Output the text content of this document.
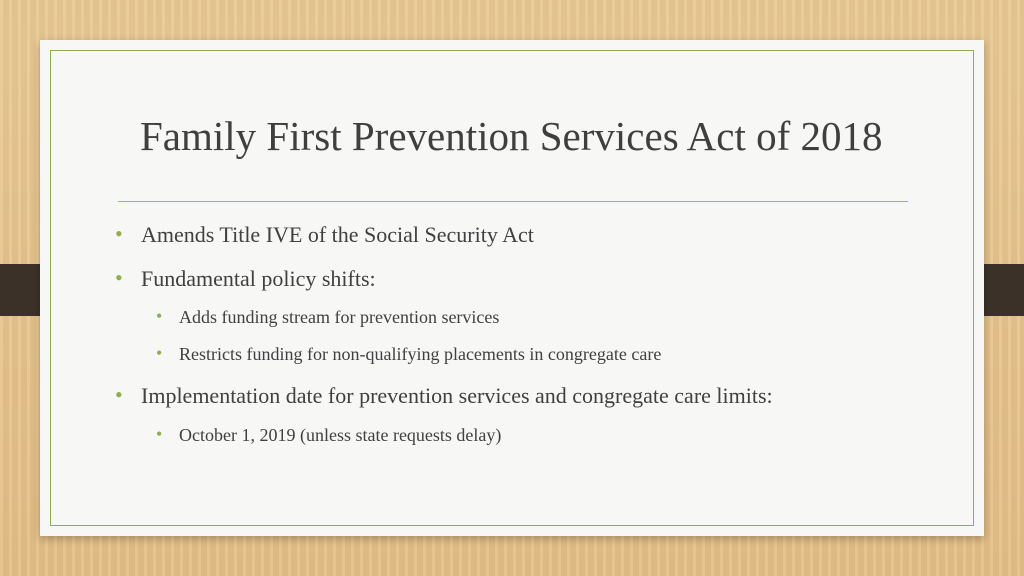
Family First Prevention Services Act of 2018
• Amends Title IVE of the Social Security Act
• Fundamental policy shifts:
• Adds funding stream for prevention services
• Restricts funding for non-qualifying placements in congregate care
• Implementation date for prevention services and congregate care limits:
• October 1, 2019 (unless state requests delay)
